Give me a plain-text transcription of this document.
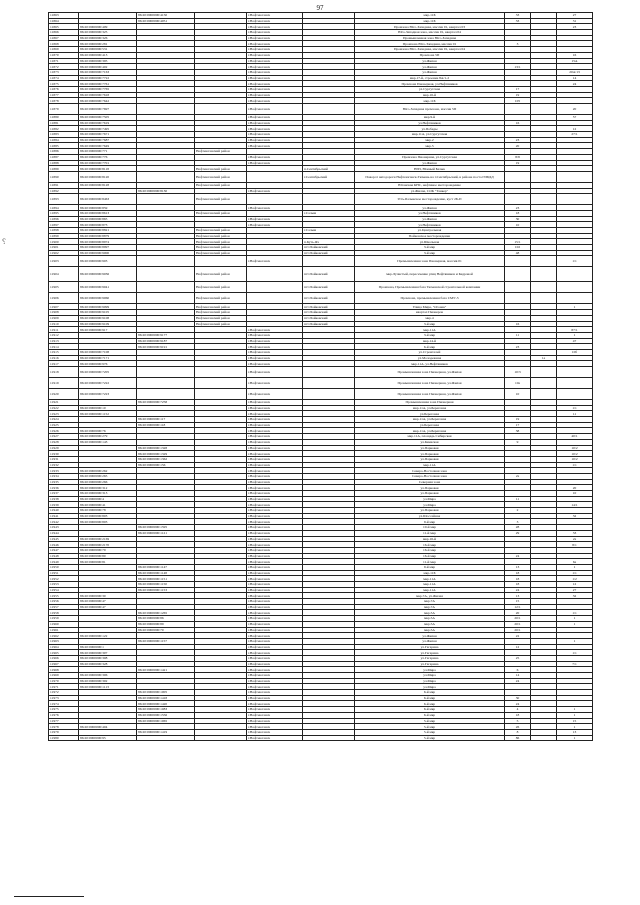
97
⸮
11863		86:20:0000000:4150		г.Нефтеюганск		мкр.11Б	33		27
11864		86:20:0000000:4051		г.Нефтеюганск		мкр.11Б	33		31
11865	86:20:0000000:409			г.Нефтеюганск		Промзона Юго-Западная, массив 01, квартал 03			23
11866	86:20:0000000:325			г.Нефтеюганск		Юго-Западная зона, массив 01, квартал 04			
11867	86:20:0000000:326			г.Нефтеюганск		Промышленная зона Юго-Западная			
11868	86:20:0000000:281			г.Нефтеюганск		Промзона Юго-Западная, массив 01	3		
11869	86:20:0000000:531			г.Нефтеюганск		Промзона Юго-Западная, массив 01, квартал 04			
11870	86:20:0000000:413			г.Нефтеюганск		Промзона 5П			16
11871	86:20:0000000:395			г.Нефтеюганск		ул.Жилая			15А
11872	86:20:0000000:402			г.Нефтеюганск		ул.Жилая	13/1		
11873	86:20:0000000:7163			г.Нефтеюганск		ул.Жилая			20А/13
11874	86:20:0000000:7722			г.Нефтеюганск		мкр.17-й, строение 8А/1-2			14
11875	86:20:0000000:7761			г.Нефтеюганск		Промзона Пионерная, ул.Нефтяников			24
11876	86:20:0000000:7765			г.Нефтеюганск		ул.Сургутская	17		
11877	86:20:0000000:7618			г.Нефтеюганск		мкр.16-й	19		
11878	86:20:0000000:7642			г.Нефтеюганск		мкр.11Б	105		
11879	86:20:0000000:7697			г.Нефтеюганск		Юго-Западная промзона, массив 5П			20
11880	86:20:0000000:7505			г.Нефтеюганск		мкр.9-й			57
11881	86:20:0000000:7619			г.Нефтеюганск		ул.Нефтяников	16		
11882	86:20:0000000:7495			г.Нефтеюганск		ул.Победы			12
11883	86:20:0000000:7671			г.Нефтеюганск		мкр.11А, ул.Сургутская			27/1
11884	86:20:0000000:7687			г.Нефтеюганск		мкр.2	23		
11885	86:20:0000000:7649			г.Нефтеюганск		мкр.5	20		
11886	86:20:0000000:771		Нефтеюганский район						
11887	86:20:0000000:776			г.Нефтеюганск		Промзона Пионерная, ул.Сургутская	8/8		
11888	86:20:0000000:7701			г.Нефтеюганск		ул.Жилая	19		
11889	86:20:0000000:8118		Нефтеюганский район		п.Сентябрьский	НПЗ, Южный Балык			
11890	86:20:0000000:8120		Нефтеюганский район		г.Сентябрьский	Поворот автодороги Нефтеюганск-Тюмень на г.Сентябрьский, в районе поста ГИБДД			
11891	86:20:0000000:8128		Нефтеюганский район			Юганская КНС, нефтяное месторождение			
11892		86:20:0000000:8130		г.Нефтеюганск		ул.Жилая, СОК "Танкер"			
11893	86:20:0000000:8463		Нефтеюганский район			Усть-Балыкское месторождение, куст 2Б-П			
11894	86:20:0000000:859			г.Нефтеюганск		ул.Жилая	23		
11895	86:20:0000000:8613		Нефтеюганский район		г.Салым	ул.Нефтяников	18		
11896	86:20:0000000:865			г.Нефтеюганск		ул.Жилая	30		
11897	86:20:0000000:873			г.Нефтеюганск		ул.Нефтяников	10		
11898	86:20:0000000:8821		Нефтеюганский район		г.Салым	ул.Центральная			
11899	86:20:0000000:8879		Нефтеюганский район			Пойковское месторождение			
11900	86:20:0000000:8974		Нефтеюганский район		п.Куть-Ях	ул.Школьная	15/1		
11901	86:20:0000000:8997		Нефтеюганский район		пгт.Пойковский	3-й мкр	102		
11902	86:20:0000000:9000		Нефтеюганский район		пгт.Пойковский	3-й мкр	48		
11903	86:20:0000000:903			г.Нефтеюганск		Промышленная зона Пионерная, массив 01			1/1
11904	86:20:0000000:9036		Нефтеюганский район		пгт.Пойковский	мкр.Лучистый, пересечение улиц Нефтяников и Кедровой			
11905	86:20:0000000:9041		Нефтеюганский район		пгт.Пойковский	Промзона, Промышленная база Тюменской строительной компании			
11906	86:20:0000000:9060		Нефтеюганский район		пгт.Пойковский	Промзона, промышленная база СМУ-3			
11907	86:20:0000000:9099		Нефтеюганский район		пгт.Пойковский	Улица Мира, "Огонек"			1
11908	86:20:0000000:9105		Нефтеюганский район		пгт.Пойковский	квартал Пионеров			
11909	86:20:0000000:9108		Нефтеюганский район		пгт.Пойковский	мкр.4			
11910	86:20:0000000:9109		Нефтеюганский район		пгт.Пойковский	3-й мкр	16		
11911	86:20:0000000:917			г.Нефтеюганск		мкр.11А			87/1
11912		86:20:0000000:9177		г.Нефтеюганск		3-й мкр	11		1
11913		86:20:0000000:9187		г.Нефтеюганск		мкр.14-й			47
11914		86:20:0000000:9191		г.Нефтеюганск		6-й мкр	23		
11915	86:20:0000000:7108			г.Нефтеюганск		ул.Строителей			10б
11916	86:20:0000000:7171			г.Нефтеюганск		ул.Молодежная		1а	
11917	86:20:0000000:976			г.Нефтеюганск		мкр.11А, ул.Нефтяников			
11918	86:20:0000000:7205			г.Нефтеюганск		Промышленная зона Пионерная, ул.Жилая	10/3		
11919	86:20:0000000:7222			г.Нефтеюганск		Промышленная зона Пионерная, ул.Жилая	10а		
11920	86:20:0000000:7223			г.Нефтеюганск		Промышленная зона Пионерная, ул.Жилая	10		
11921		86:20:0000000:7258		г.Нефтеюганск		Промышленная зона Пионерная			
11922	86:20:0000000:10			г.Нефтеюганск		мкр.11А, ул.Береговая			1/1
11923	86:20:0000000:1152			г.Нефтеюганск		ул.Береговая			11
11924		86:20:0000000:117		г.Нефтеюганск		мкр.11А, ул.Береговая	19		
11925		86:20:0000000:118		г.Нефтеюганск		ул.Береговая	17		
11926	86:20:0000000:76			г.Нефтеюганск		мкр.11А, ул.Береговая	38		
11927	86:20:0000000:279			г.Нефтеюганск		мкр.11А, площадь Сибирская			40/1
11928	86:20:0000000:143			г.Нефтеюганск		ул.Киевская	9		
11929		86:20:0000000:1328		г.Нефтеюганск		ул.Парковая			10/2
11930		86:20:0000000:1329		г.Нефтеюганск		ул.Парковая			10/2
11931		86:20:0000000:1362		г.Нефтеюганск		ул.Парковая			10/2
11932		86:20:0000000:156		г.Нефтеюганск		мкр.11А			1/1
11933	86:20:0000000:262			г.Нефтеюганск		Северо-Восточная зона			
11934	86:20:0000000:265			г.Нефтеюганск		Северо-Восточная зона	2а		
11935	86:20:0000000:266			г.Нефтеюганск		Северная зона			
11936	86:20:0000000:312			г.Нефтеюганск		ул.Парковая			20
11937	86:20:0000000:313			г.Нефтеюганск		ул.Парковая			10
11938	86:20:0000000:4			г.Нефтеюганск		ул.Мира	11		
11939	86:20:0000000:41			г.Нефтеюганск		ул.Мира			14/1
11940	86:20:0000000:78			г.Нефтеюганск		ул.Парковая	2		
11941	86:20:0000000:803			г.Нефтеюганск		ул.Шоссейная			32
11942	86:20:0000000:803			г.Нефтеюганск		9-й мкр	3		
11943		86:20:0000000:1595		г.Нефтеюганск		10-й мкр	28		
11944		86:20:0000000:1121		г.Нефтеюганск		11-й мкр	29		33
11945	86:20:0000000:2169			г.Нефтеюганск		мкр.16-й			2а
11946	86:20:0000000:2170			г.Нефтеюганск		16-й мкр			8/1
11947	86:20:0000000:79			г.Нефтеюганск		16-й мкр			
11948	86:20:0000000:80			г.Нефтеюганск		16-й мкр	24		
11949	86:20:0000000:81			г.Нефтеюганск		11-й мкр			6а
11950		86:20:0000000:1147		г.Нефтеюганск		9-й мкр	13		1
11951		86:20:0000000:1148		г.Нефтеюганск		мкр.11Б	18		1/1
11952		86:20:0000000:1151		г.Нефтеюганск		мкр.11А	18		1/2
11953		86:20:0000000:1150		г.Нефтеюганск		мкр.11А	18		12
11954		86:20:0000000:1153		г.Нефтеюганск		мкр.11А	24		27
11955	86:20:0000000:30			г.Нефтеюганск		мкр.7А, ул.Жилая	13		32
11956	86:20:0000000:47			г.Нефтеюганск		мкр.7А	15		
11957	86:20:0000000:47			г.Нефтеюганск		мкр.7А	12/1		
11958		86:20:0000000:1265		г.Нефтеюганск		мкр.5А	20		1/1
11959		86:20:0000000:86		г.Нефтеюганск		мкр.5А	20/1		1
11960		86:20:0000000:89		г.Нефтеюганск		мкр.5А	20/1		1
11961		86:20:0000000:70		г.Нефтеюганск		мкр.5А	20/1		
11962	86:20:0000000:122			г.Нефтеюганск		ул.Жилая	22		
11963		86:20:0000000:1157		г.Нефтеюганск		ул.Жилая			1
11964	86:20:0000000:1			г.Нефтеюганск		ул.Гагарина	12		
11965	86:20:0000000:307			г.Нефтеюганск		ул.Гагарина			1/1
11966	86:20:0000000:308			г.Нефтеюганск		ул.Гагарина	25		
11967	86:20:0000000:328			г.Нефтеюганск		ул.Гагарина			7/1
11968		86:20:0000000:1421		г.Нефтеюганск		ул.Мира	6		
11969	86:20:0000000:306			г.Нефтеюганск		ул.Мира	14		
11970	86:20:0000000:302			г.Нефтеюганск		ул.Мира	24		
11971	86:20:0000000:1113			г.Нефтеюганск		ул.Мира			
11972		86:20:0000000:1005		г.Нефтеюганск		6-й мкр			
11973		86:20:0000000:1418		г.Нефтеюганск		6-й мкр	30		
11974		86:20:0000000:1420		г.Нефтеюганск		6-й мкр	24		
11975		86:20:0000000:1083		г.Нефтеюганск		6-й мкр	4		1
11976		86:20:0000000:1556		г.Нефтеюганск		6-й мкр	18		1
11977		86:20:0000000:1065		г.Нефтеюганск		5-й мкр	5		15
11978	86:20:0000000:404			г.Нефтеюганск		5-й мкр	26		1
11979		86:20:0000000:1419		г.Нефтеюганск		5-й мкр	8		13
11980	86:20:0000000:95			г.Нефтеюганск		5-й мкр	86		1
